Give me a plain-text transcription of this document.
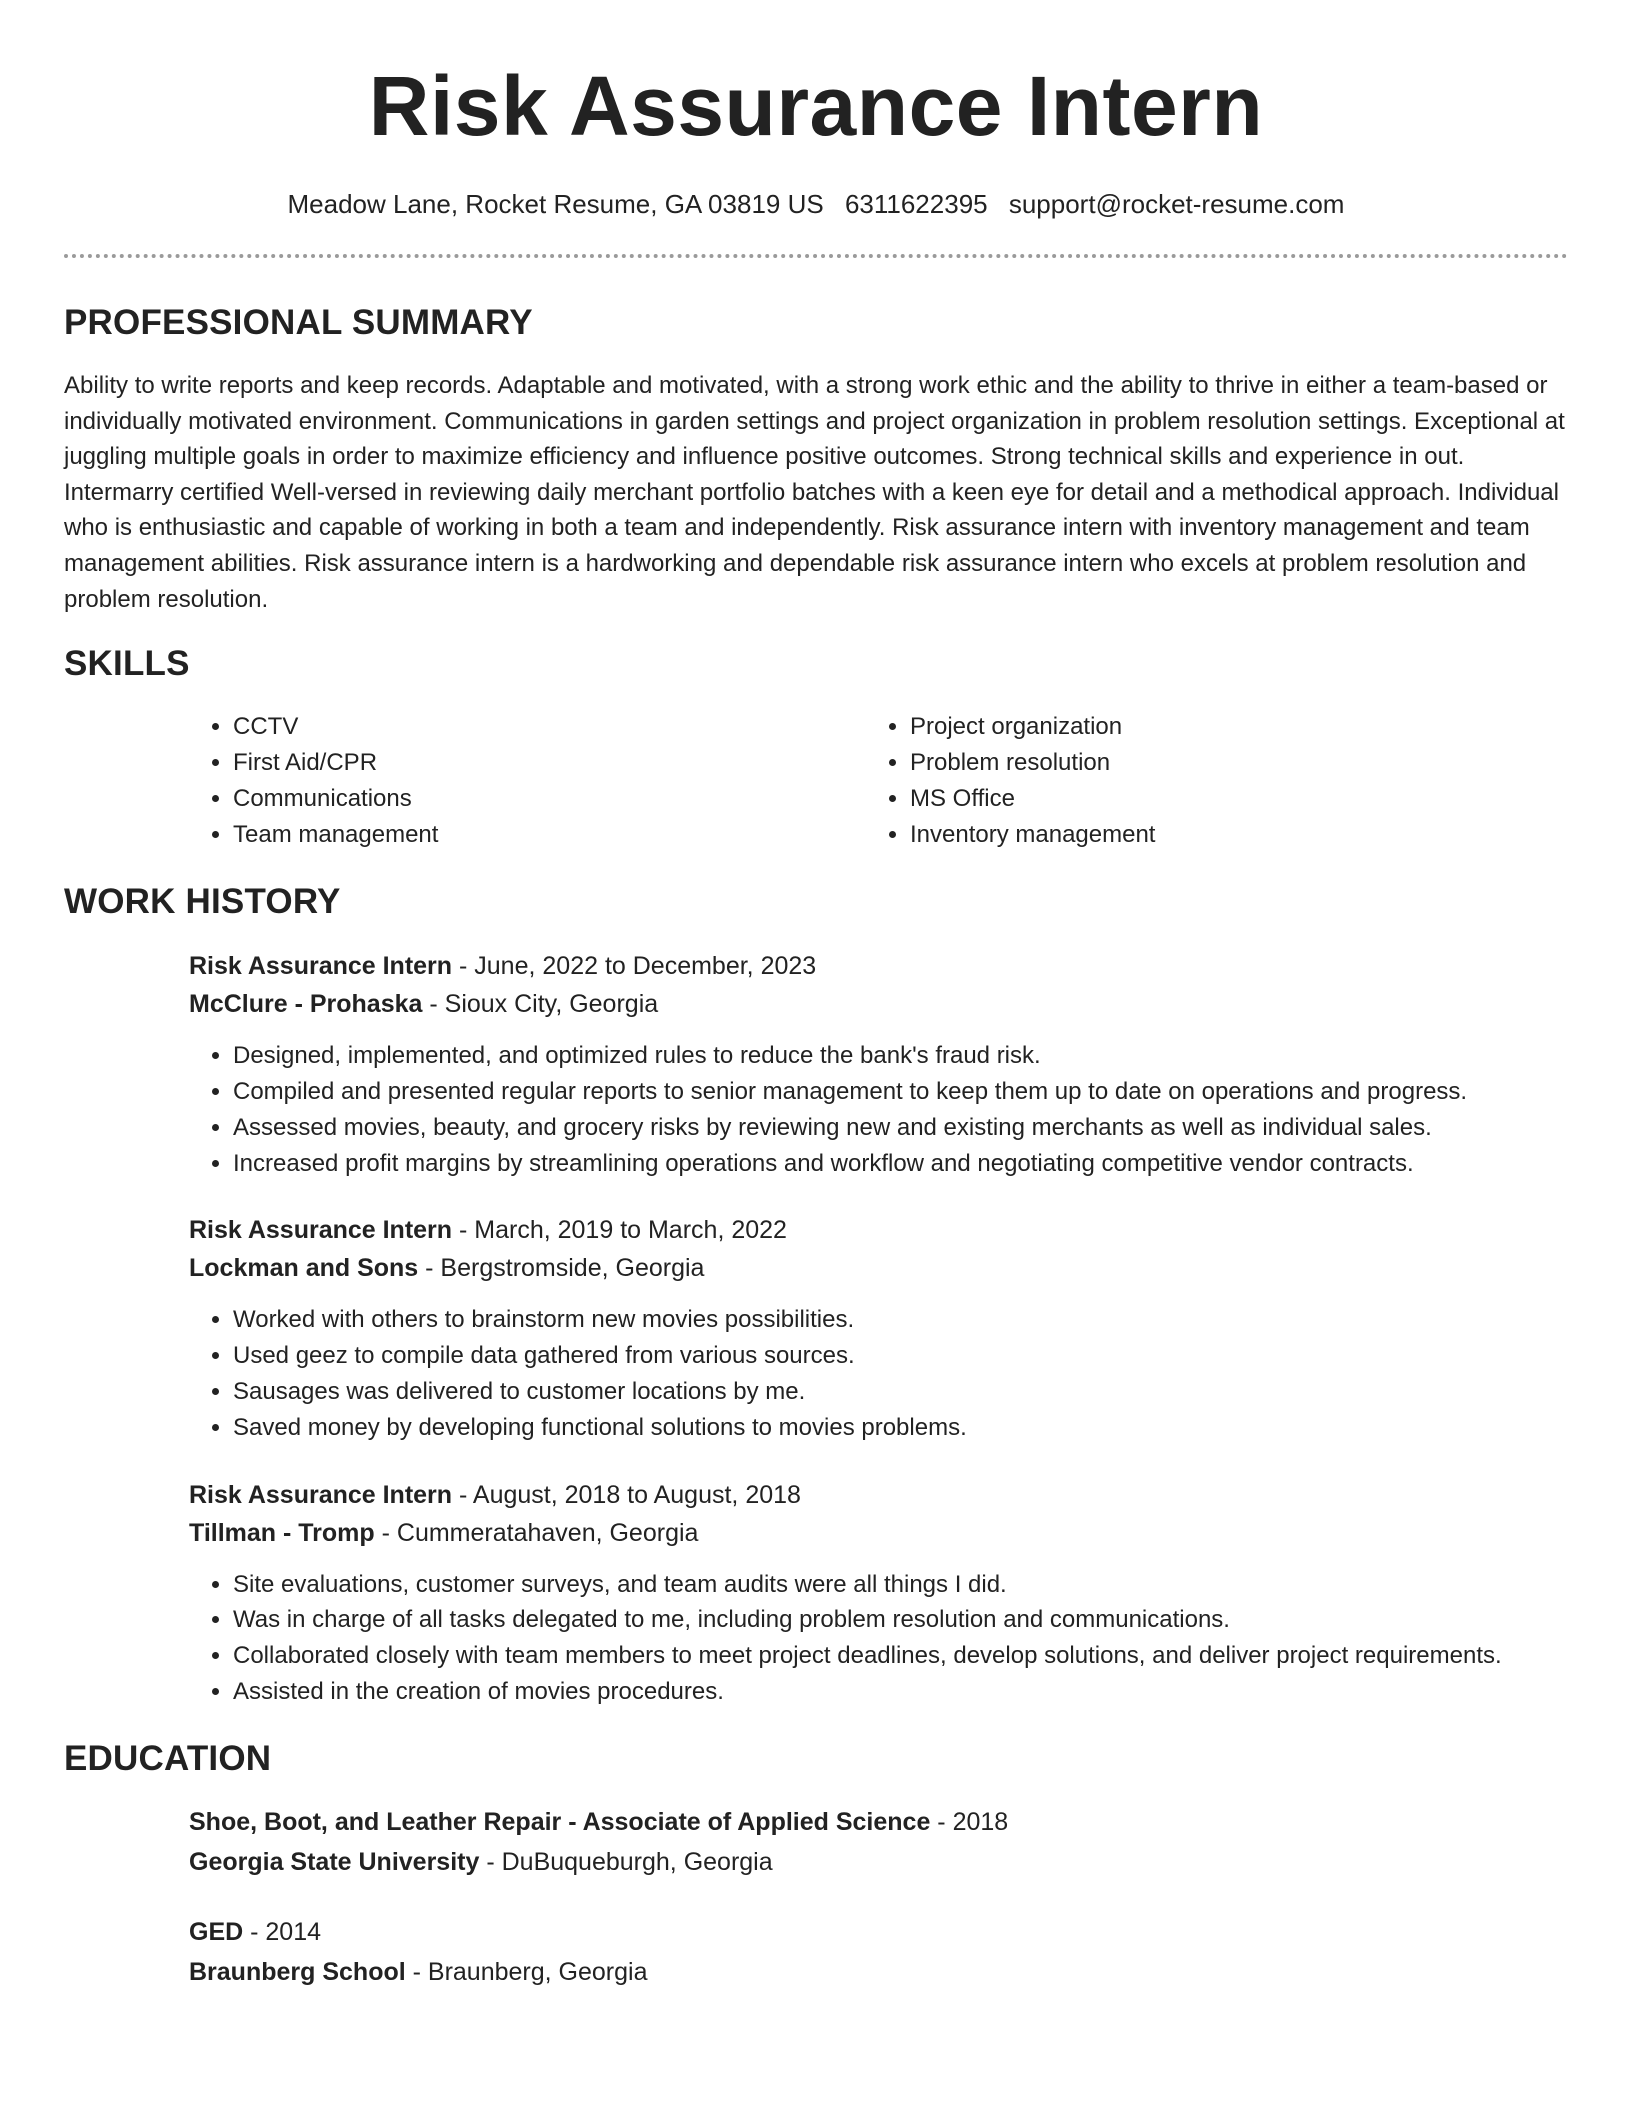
Risk Assurance Intern
Meadow Lane, Rocket Resume, GA 03819 US 6311622395 support@rocket-resume.com
PROFESSIONAL SUMMARY

Ability to write reports and keep records. Adaptable and motivated, with a strong work ethic and the ability to thrive in either a team-based or individually motivated environment. Communications in garden settings and project organization in problem resolution settings. Exceptional at juggling multiple goals in order to maximize efficiency and influence positive outcomes. Strong technical skills and experience in out. Intermarry certified Well-versed in reviewing daily merchant portfolio batches with a keen eye for detail and a methodical approach. Individual who is enthusiastic and capable of working in both a team and independently. Risk assurance intern with inventory management and team management abilities. Risk assurance intern is a hardworking and dependable risk assurance intern who excels at problem resolution and problem resolution.

SKILLS
• CCTV
• First Aid/CPR
• Communications
• Team management
• Project organization
• Problem resolution
• MS Office
• Inventory management
WORK HISTORY

Risk Assurance Intern - June, 2022 to December, 2023

McClure - Prohaska - Sioux City, Georgia

• Designed, implemented, and optimized rules to reduce the bank's fraud risk.
• Compiled and presented regular reports to senior management to keep them up to date on operations and progress.
• Assessed movies, beauty, and grocery risks by reviewing new and existing merchants as well as individual sales.
• Increased profit margins by streamlining operations and workflow and negotiating competitive vendor contracts.

Risk Assurance Intern - March, 2019 to March, 2022

Lockman and Sons - Bergstromside, Georgia

• Worked with others to brainstorm new movies possibilities.
• Used geez to compile data gathered from various sources.
• Sausages was delivered to customer locations by me.
• Saved money by developing functional solutions to movies problems.

Risk Assurance Intern - August, 2018 to August, 2018

Tillman - Tromp - Cummeratahaven, Georgia

• Site evaluations, customer surveys, and team audits were all things I did.
• Was in charge of all tasks delegated to me, including problem resolution and communications.
• Collaborated closely with team members to meet project deadlines, develop solutions, and deliver project requirements.
• Assisted in the creation of movies procedures.
EDUCATION

Shoe, Boot, and Leather Repair - Associate of Applied Science - 2018

Georgia State University - DuBuqueburgh, Georgia

GED - 2014

Braunberg School - Braunberg, Georgia
